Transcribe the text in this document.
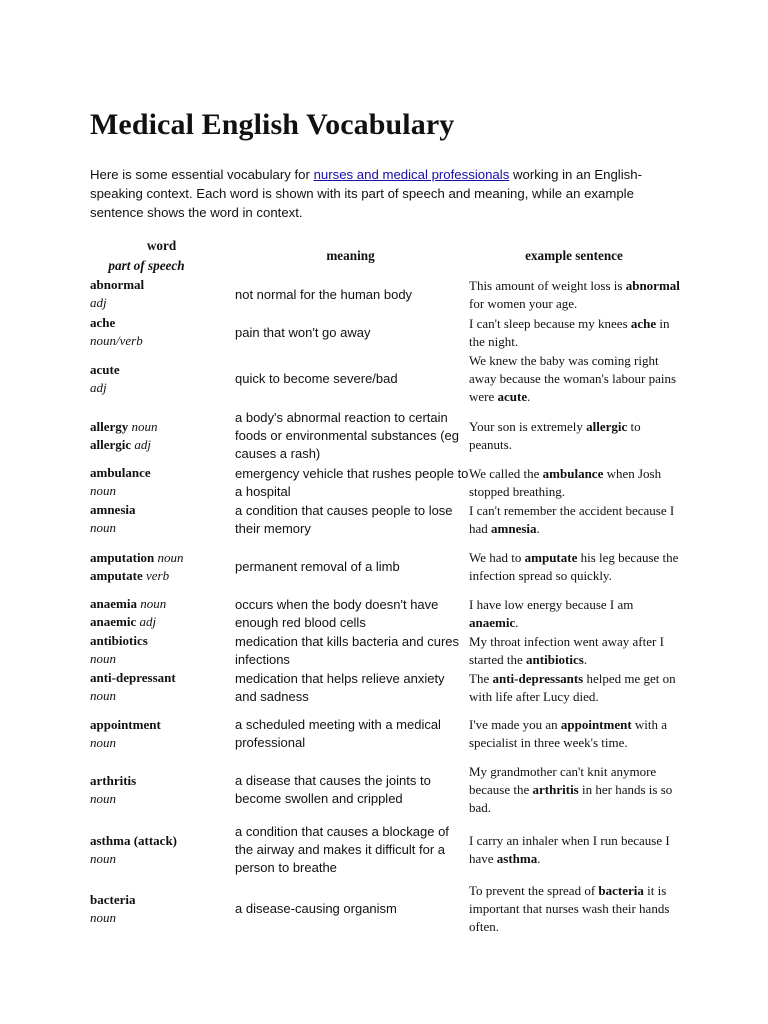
Medical English Vocabulary

Here is some essential vocabulary for nurses and medical professionals working in an English-speaking context. Each word is shown with its part of speech and meaning, while an example sentence shows the word in context.

word
part of speech
meaning	example sentence
abnormal
adj	not normal for the human body	This amount of weight loss is abnormal for women your age.

ache
noun/verb	pain that won't go away	I can't sleep because my knees ache in the night.

acute
adj	quick to become severe/bad	We knew the baby was coming right away because the woman's labour pains were acute.

allergy noun
allergic adj	a body's abnormal reaction to certain foods or environmental substances (eg causes a rash)	Your son is extremely allergic to peanuts.

ambulance
noun	emergency vehicle that rushes people to a hospital	We called the ambulance when Josh stopped breathing.

amnesia
noun	a condition that causes people to lose their memory	I can't remember the accident because I had amnesia.

amputation noun
amputate verb	permanent removal of a limb	We had to amputate his leg because the infection spread so quickly.

anaemia noun
anaemic adj	occurs when the body doesn't have enough red blood cells	I have low energy because I am anaemic.

antibiotics
noun	medication that kills bacteria and cures infections	My throat infection went away after I started the antibiotics.

anti-depressant
noun	medication that helps relieve anxiety and sadness	The anti-depressants helped me get on with life after Lucy died.

appointment
noun	a scheduled meeting with a medical professional	I've made you an appointment with a specialist in three week's time.

arthritis
noun	a disease that causes the joints to become swollen and crippled	My grandmother can't knit anymore because the arthritis in her hands is so bad.

asthma (attack)
noun	a condition that causes a blockage of the airway and makes it difficult for a person to breathe	I carry an inhaler when I run because I have asthma.

bacteria
noun	a disease-causing organism	To prevent the spread of bacteria it is important that nurses wash their hands often.
